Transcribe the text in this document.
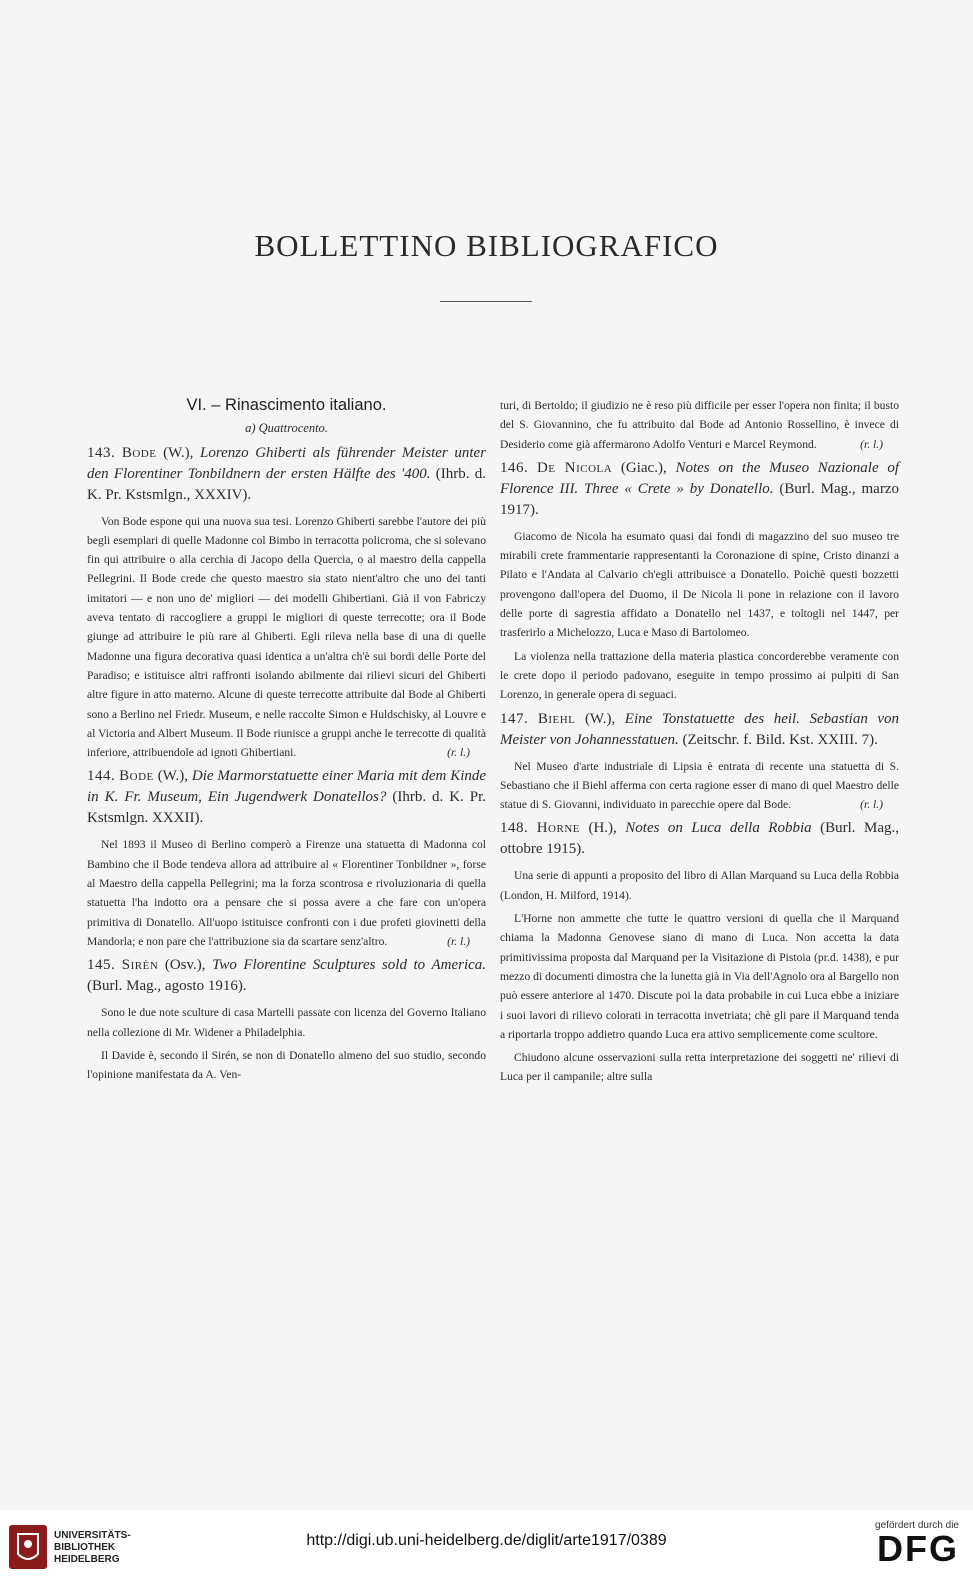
BOLLETTINO BIBLIOGRAFICO
VI. – Rinascimento italiano.
a) Quattrocento.
143. Bode (W.), Lorenzo Ghiberti als führender Meister unter den Florentiner Tonbildnern der ersten Hälfte des '400. (Ihrb. d. K. Pr. Kstsmlgn., XXXIV).
Von Bode espone qui una nuova sua tesi. Lorenzo Ghiberti sarebbe l'autore dei più begli esemplari di quelle Madonne col Bimbo in terracotta policroma, che si solevano fin qui attribuire o alla cerchia di Jacopo della Quercia, o al maestro della cappella Pellegrini. Il Bode crede che questo maestro sia stato nient'altro che uno dei tanti imitatori — e non uno de' migliori — dei modelli Ghibertiani. Già il von Fabriczy aveva tentato di raccogliere a gruppi le migliori di queste terrecotte; ora il Bode giunge ad attribuire le più rare al Ghiberti. Egli rileva nella base di una di quelle Madonne una figura decorativa quasi identica a un'altra ch'è sui bordi delle Porte del Paradiso; e istituisce altri raffronti isolando abilmente dai rilievi sicuri del Ghiberti altre figure in atto materno. Alcune di queste terrecotte attribuite dal Bode al Ghiberti sono a Berlino nel Friedr. Museum, e nelle raccolte Simon e Huldschisky, al Louvre e al Victoria and Albert Museum. Il Bode riunisce a gruppi anche le terrecotte di qualità inferiore, attribuendole ad ignoti Ghibertiani.	(r. l.)
144. Bode (W.), Die Marmorstatuette einer Maria mit dem Kinde in K. Fr. Museum, Ein Jugendwerk Donatellos? (Ihrb. d. K. Pr. Kstsmlgn. XXXII).
Nel 1893 il Museo di Berlino comperò a Firenze una statuetta di Madonna col Bambino che il Bode tendeva allora ad attribuire al « Florentiner Tonbildner », forse al Maestro della cappella Pellegrini; ma la forza scontrosa e rivoluzionaria di quella statuetta l'ha indotto ora a pensare che si possa avere a che fare con un'opera primitiva di Donatello. All'uopo istituisce confronti con i due profeti giovinetti della Mandorla; e non pare che l'attribuzione sia da scartare senz'altro.	(r. l.)
145. Sirèn (Osv.), Two Florentine Sculptures sold to America. (Burl. Mag., agosto 1916).
Sono le due note sculture di casa Martelli passate con licenza del Governo Italiano nella collezione di Mr. Widener a Philadelphia.
Il Davide è, secondo il Sirén, se non di Donatello almeno del suo studio, secondo l'opinione manifestata da A. Ven-
turi, di Bertoldo; il giudizio ne è reso più difficile per esser l'opera non finita; il busto del S. Giovannino, che fu attribuito dal Bode ad Antonio Rossellino, è invece di Desiderio come già affermarono Adolfo Venturi e Marcel Reymond.	(r. l.)
146. De Nicola (Giac.), Notes on the Museo Nazionale of Florence III. Three « Crete » by Donatello. (Burl. Mag., marzo 1917).
Giacomo de Nicola ha esumato quasi dai fondi di magazzino del suo museo tre mirabili crete frammentarie rappresentanti la Coronazione di spine, Cristo dinanzi a Pilato e l'Andata al Calvario ch'egli attribuisce a Donatello. Poichè questi bozzetti provengono dall'opera del Duomo, il De Nicola li pone in relazione con il lavoro delle porte di sagrestia affidato a Donatello nel 1437, e toltogli nel 1447, per trasferirlo a Michelozzo, Luca e Maso di Bartolomeo.
La violenza nella trattazione della materia plastica concorderebbe veramente con le crete dopo il periodo padovano, eseguite in tempo prossimo ai pulpiti di San Lorenzo, in generale opera di seguaci.
147. Biehl (W.), Eine Tonstatuette des heil. Sebastian von Meister von Johannesstatuen. (Zeitschr. f. Bild. Kst. XXIII. 7).
Nel Museo d'arte industriale di Lipsia è entrata di recente una statuetta di S. Sebastiano che il Biehl afferma con certa ragione esser di mano di quel Maestro delle statue di S. Giovanni, individuato in parecchie opere dal Bode.	(r. l.)
148. Horne (H.), Notes on Luca della Robbia (Burl. Mag., ottobre 1915).
Una serie di appunti a proposito del libro di Allan Marquand su Luca della Robbia (London, H. Milford, 1914).
L'Horne non ammette che tutte le quattro versioni di quella che il Marquand chiama la Madonna Genovese siano di mano di Luca. Non accetta la data primitivissima proposta dal Marquand per la Visitazione di Pistoia (pr.d. 1438), e pur mezzo di documenti dimostra che la lunetta già in Via dell'Agnolo ora al Bargello non può essere anteriore al 1470. Discute poi la data probabile in cui Luca ebbe a iniziare i suoi lavori di rilievo colorati in terracotta invetriata; chè gli pare il Marquand tenda a riportarla troppo addietro quando Luca era attivo semplicemente come scultore.
Chiudono alcune osservazioni sulla retta interpretazione dei soggetti ne' rilievi di Luca per il campanile; altre sulla
UNIVERSITÄTS-
BIBLIOTHEK
HEIDELBERG
http://digi.ub.uni-heidelberg.de/diglit/arte1917/0389
gefördert durch die
DFG
